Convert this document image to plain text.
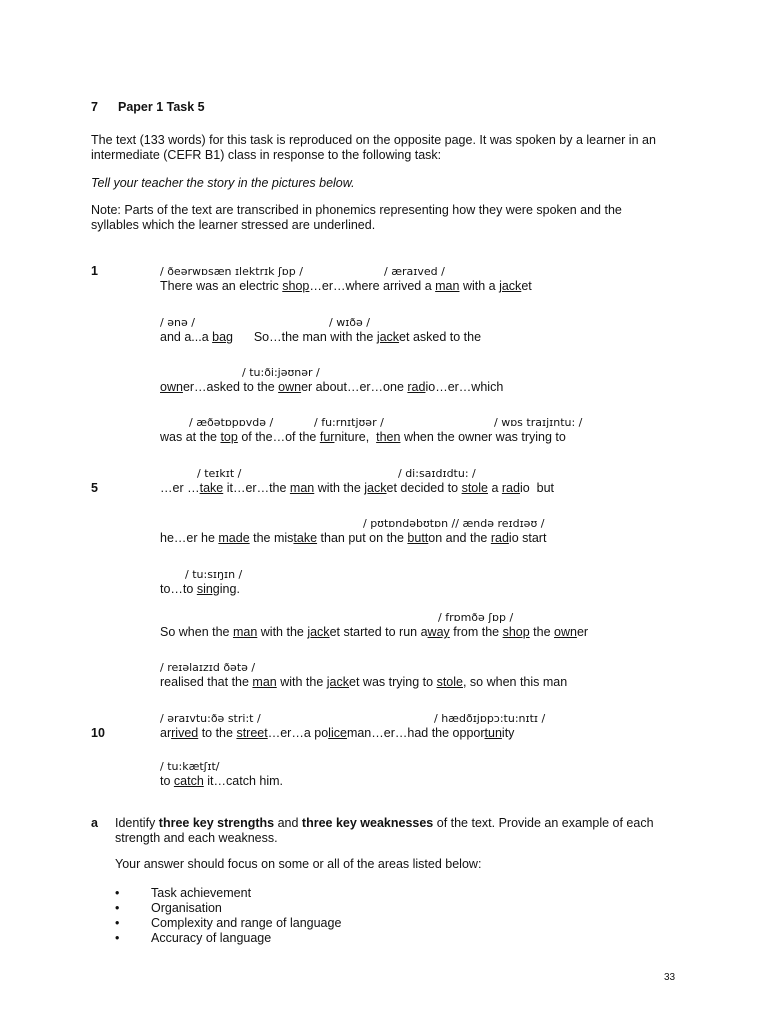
7 Paper 1 Task 5
The text (133 words) for this task is reproduced on the opposite page. It was spoken by a learner in an
intermediate (CEFR B1) class in response to the following task:
Tell your teacher the story in the pictures below.
Note: Parts of the text are transcribed in phonemics representing how they were spoken and the
syllables which the learner stressed are underlined.
1
5
10
/ ðeərwɒsæn ɪlektrɪk ʃɒp /	/ æraɪved /
There was an electric shop…er…where arrived a man with a jacket
/ ənə /	/ wɪðə /
and a...a bag      So…the man with the jacket asked to the
/ tu:ði:jəʊnər /
owner…asked to the owner about…er…one radio…er…which
/ æðətɒpɒvdə /	/ fu:rnɪtjʊər /	/ wɒs traɪjɪntu: /
was at the top of the…of the furniture,  then when the owner was trying to
/ teɪkɪt /	/ di:saɪdɪdtu: /
…er …take it…er…the man with the jacket decided to stole a radio  but
/ pʊtɒndəbʊtɒn // ændə reɪdɪəʊ /
he…er he made the mistake than put on the button and the radio start
/ tu:sɪŋɪn /
to…to singing.
/ frɒmðə ʃɒp /
So when the man with the jacket started to run away from the shop the owner
/ reɪəlaɪzɪd ðətə /
realised that the man with the jacket was trying to stole, so when this man
/ əraɪvtu:ðə stri:t /	/ hædðɪjɒpɔ:tu:nɪtɪ /
arrived to the street…er…a policeman…er…had the opportunity
/ tu:kætʃɪt/
to catch it…catch him.
a Identify three key strengths and three key weaknesses of the text. Provide an example of each
strength and each weakness.
Your answer should focus on some or all of the areas listed below:
•	Task achievement
•	Organisation
•	Complexity and range of language
•	Accuracy of language
33
